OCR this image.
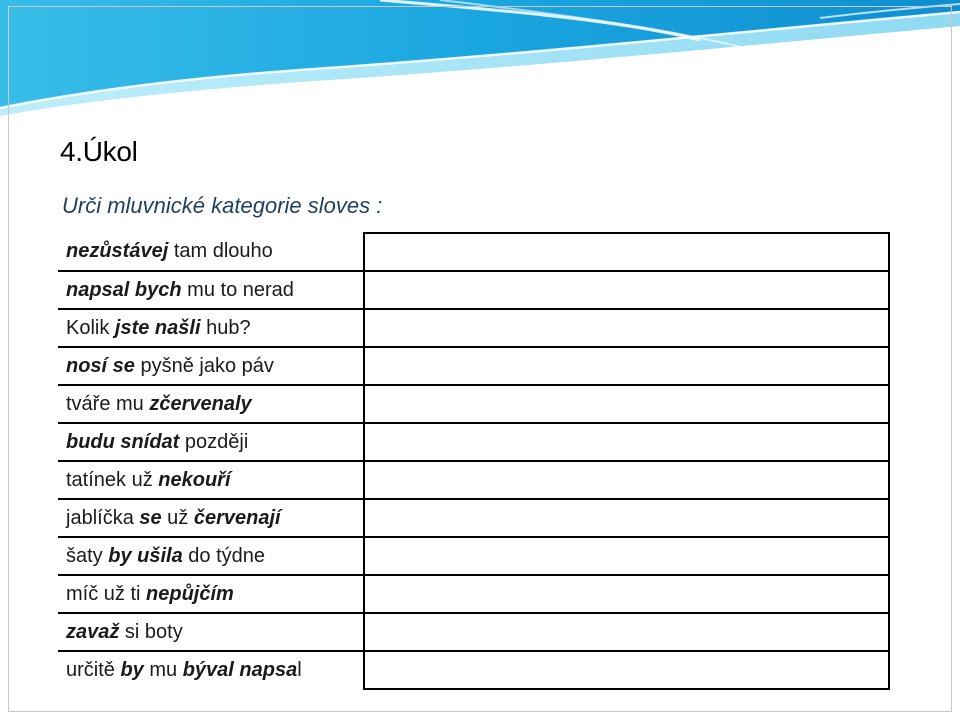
4.Úkol
Urči mluvnické kategorie sloves :
nezůstávej tam dlouho	
napsal bych mu to nerad	
Kolik jste našli hub?	
nosí se pyšně jako páv	
tváře mu zčervenaly	
budu snídat později	
tatínek už nekouří	
jablíčka se už červenají	
šaty by ušila do týdne	
míč už ti nepůjčím	
zavaž si boty	
určitě by mu býval napsal	
